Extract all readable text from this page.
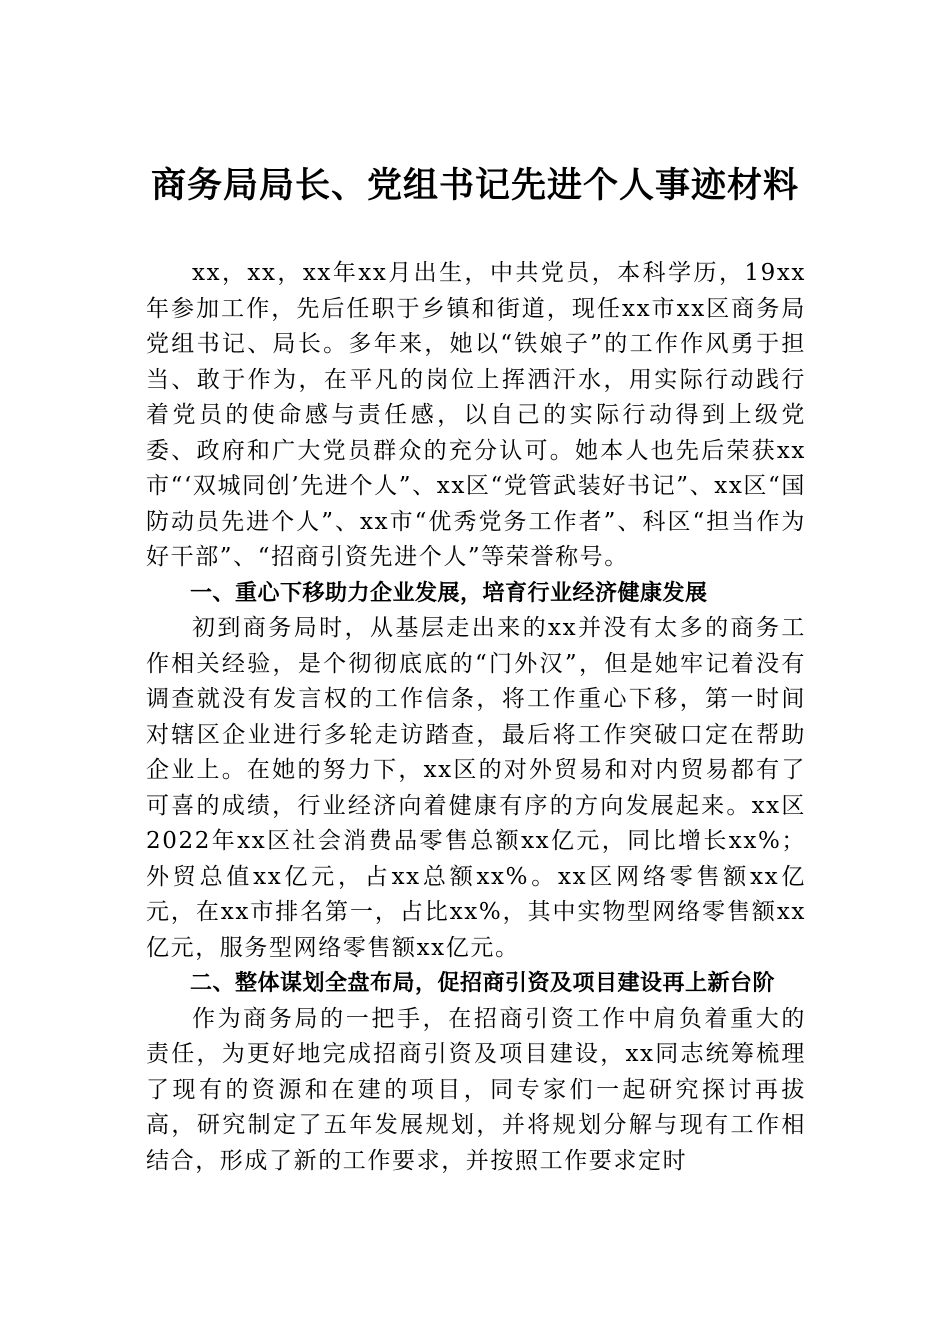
商务局局长、党组书记先进个人事迹材料

xx，xx，xx年xx月出生，中共党员，本科学历，19xx年参加工作，先后任职于乡镇和街道，现任xx市xx区商务局党组书记、局长。多年来，她以“铁娘子”的工作作风勇于担当、敢于作为，在平凡的岗位上挥洒汗水，用实际行动践行着党员的使命感与责任感，以自己的实际行动得到上级党委、政府和广大党员群众的充分认可。她本人也先后荣获xx市“‘双城同创’先进个人”、xx区“党管武装好书记”、xx区“国防动员先进个人”、xx市“优秀党务工作者”、科区“担当作为好干部”、“招商引资先进个人”等荣誉称号。

一、重心下移助力企业发展，培育行业经济健康发展

初到商务局时，从基层走出来的xx并没有太多的商务工作相关经验，是个彻彻底底的“门外汉”，但是她牢记着没有调查就没有发言权的工作信条，将工作重心下移，第一时间对辖区企业进行多轮走访踏查，最后将工作突破口定在帮助企业上。在她的努力下，xx区的对外贸易和对内贸易都有了可喜的成绩，行业经济向着健康有序的方向发展起来。xx区2022年xx区社会消费品零售总额xx亿元，同比增长xx%；外贸总值xx亿元，占xx总额xx%。xx区网络零售额xx亿元，在xx市排名第一，占比xx%，其中实物型网络零售额xx亿元，服务型网络零售额xx亿元。

二、整体谋划全盘布局，促招商引资及项目建设再上新台阶

作为商务局的一把手，在招商引资工作中肩负着重大的责任，为更好地完成招商引资及项目建设，xx同志统筹梳理了现有的资源和在建的项目，同专家们一起研究探讨再拔高，研究制定了五年发展规划，并将规划分解与现有工作相结合，形成了新的工作要求，并按照工作要求定时
